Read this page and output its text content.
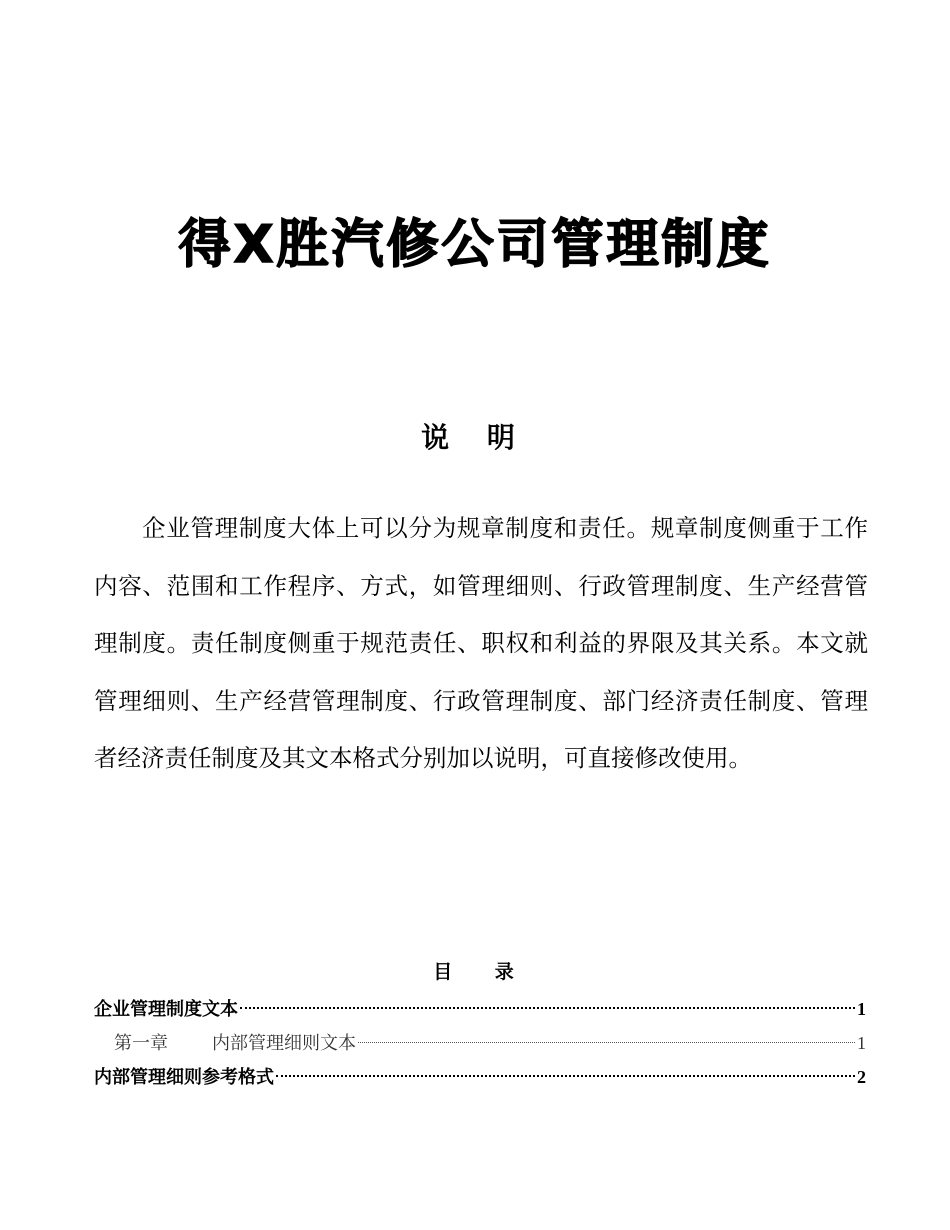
得X胜汽修公司管理制度
说 明

企业管理制度大体上可以分为规章制度和责任。规章制度侧重于工作内容、范围和工作程序、方式，如管理细则、行政管理制度、生产经营管理制度。责任制度侧重于规范责任、职权和利益的界限及其关系。本文就管理细则、生产经营管理制度、行政管理制度、部门经济责任制度、管理者经济责任制度及其文本格式分别加以说明，可直接修改使用。

目 录
企业管理制度文本	1
第一章 内部管理细则文本	1
内部管理细则参考格式	2
